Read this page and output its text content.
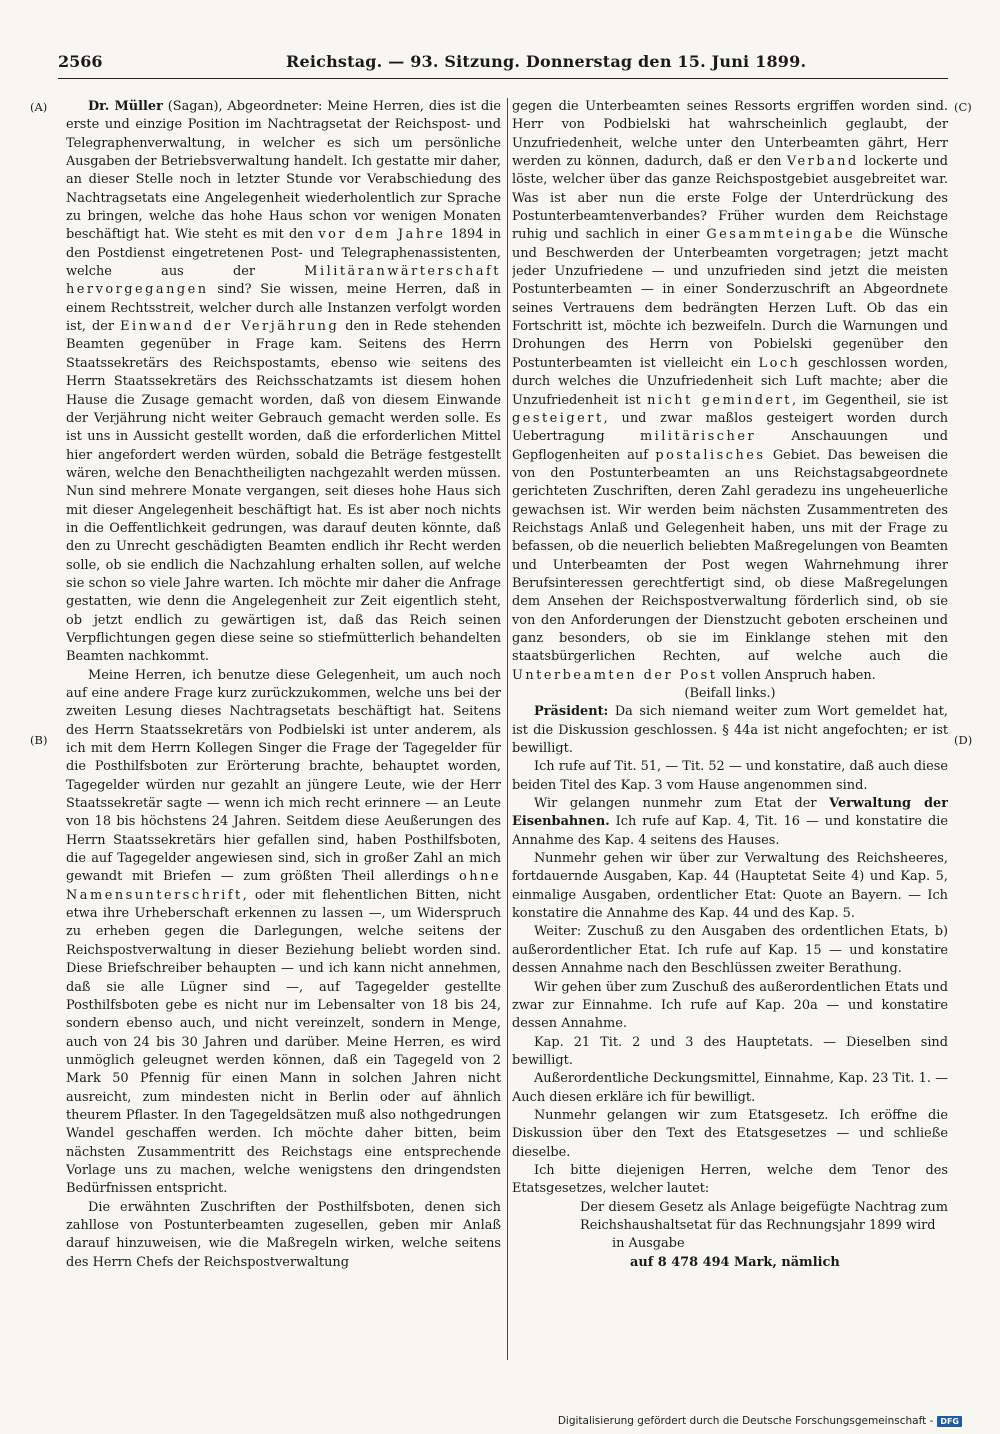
2566	Reichstag. — 93. Sitzung. Donnerstag den 15. Juni 1899.
(A)
(B)
(C)
(D)

Dr. Müller (Sagan), Abgeordneter: Meine Herren, dies ist die erste und einzige Position im Nachtragsetat der Reichspost- und Telegraphenverwaltung, in welcher es sich um persönliche Ausgaben der Betriebsverwaltung handelt. Ich gestatte mir daher, an dieser Stelle noch in letzter Stunde vor Verabschiedung des Nachtragsetats eine Angelegenheit wiederholentlich zur Sprache zu bringen, welche das hohe Haus schon vor wenigen Monaten beschäftigt hat. Wie steht es mit den vor dem Jahre 1894 in den Postdienst eingetretenen Post- und Telegraphenassistenten, welche aus der Militäranwärterschaft hervorgegangen sind? Sie wissen, meine Herren, daß in einem Rechtsstreit, welcher durch alle Instanzen verfolgt worden ist, der Einwand der Verjährung den in Rede stehenden Beamten gegenüber in Frage kam. Seitens des Herrn Staatssekretärs des Reichspostamts, ebenso wie seitens des Herrn Staatssekretärs des Reichsschatzamts ist diesem hohen Hause die Zusage gemacht worden, daß von diesem Einwande der Verjährung nicht weiter Gebrauch gemacht werden solle. Es ist uns in Aussicht gestellt worden, daß die erforderlichen Mittel hier angefordert werden würden, sobald die Beträge festgestellt wären, welche den Benachtheiligten nachgezahlt werden müssen. Nun sind mehrere Monate vergangen, seit dieses hohe Haus sich mit dieser Angelegenheit beschäftigt hat. Es ist aber noch nichts in die Oeffentlichkeit gedrungen, was darauf deuten könnte, daß den zu Unrecht geschädigten Beamten endlich ihr Recht werden solle, ob sie endlich die Nachzahlung erhalten sollen, auf welche sie schon so viele Jahre warten. Ich möchte mir daher die Anfrage gestatten, wie denn die Angelegenheit zur Zeit eigentlich steht, ob jetzt endlich zu gewärtigen ist, daß das Reich seinen Verpflichtungen gegen diese seine so stiefmütterlich behandelten Beamten nachkommt.

Meine Herren, ich benutze diese Gelegenheit, um auch noch auf eine andere Frage kurz zurückzukommen, welche uns bei der zweiten Lesung dieses Nachtragsetats beschäftigt hat. Seitens des Herrn Staatssekretärs von Podbielski ist unter anderem, als ich mit dem Herrn Kollegen Singer die Frage der Tagegelder für die Posthilfsboten zur Erörterung brachte, behauptet worden, Tagegelder würden nur gezahlt an jüngere Leute, wie der Herr Staatssekretär sagte — wenn ich mich recht erinnere — an Leute von 18 bis höchstens 24 Jahren. Seitdem diese Aeußerungen des Herrn Staatssekretärs hier gefallen sind, haben Posthilfsboten, die auf Tagegelder angewiesen sind, sich in großer Zahl an mich gewandt mit Briefen — zum größten Theil allerdings ohne Namensunterschrift, oder mit flehentlichen Bitten, nicht etwa ihre Urheberschaft erkennen zu lassen —, um Widerspruch zu erheben gegen die Darlegungen, welche seitens der Reichspostverwaltung in dieser Beziehung beliebt worden sind. Diese Briefschreiber behaupten — und ich kann nicht annehmen, daß sie alle Lügner sind —, auf Tagegelder gestellte Posthilfsboten gebe es nicht nur im Lebensalter von 18 bis 24, sondern ebenso auch, und nicht vereinzelt, sondern in Menge, auch von 24 bis 30 Jahren und darüber. Meine Herren, es wird unmöglich geleugnet werden können, daß ein Tagegeld von 2 Mark 50 Pfennig für einen Mann in solchen Jahren nicht ausreicht, zum mindesten nicht in Berlin oder auf ähnlich theurem Pflaster. In den Tagegeldsätzen muß also nothgedrungen Wandel geschaffen werden. Ich möchte daher bitten, beim nächsten Zusammentritt des Reichstags eine entsprechende Vorlage uns zu machen, welche wenigstens den dringendsten Bedürfnissen entspricht.

Die erwähnten Zuschriften der Posthilfsboten, denen sich zahllose von Postunterbeamten zugesellen, geben mir Anlaß darauf hinzuweisen, wie die Maßregeln wirken, welche seitens des Herrn Chefs der Reichspostverwaltung

gegen die Unterbeamten seines Ressorts ergriffen worden sind. Herr von Podbielski hat wahrscheinlich geglaubt, der Unzufriedenheit, welche unter den Unterbeamten gährt, Herr werden zu können, dadurch, daß er den Verband lockerte und löste, welcher über das ganze Reichspostgebiet ausgebreitet war. Was ist aber nun die erste Folge der Unterdrückung des Postunterbeamtenverbandes? Früher wurden dem Reichstage ruhig und sachlich in einer Gesammteingabe die Wünsche und Beschwerden der Unterbeamten vorgetragen; jetzt macht jeder Unzufriedene — und unzufrieden sind jetzt die meisten Postunterbeamten — in einer Sonderzuschrift an Abgeordnete seines Vertrauens dem bedrängten Herzen Luft. Ob das ein Fortschritt ist, möchte ich bezweifeln. Durch die Warnungen und Drohungen des Herrn von Pobielski gegenüber den Postunterbeamten ist vielleicht ein Loch geschlossen worden, durch welches die Unzufriedenheit sich Luft machte; aber die Unzufriedenheit ist nicht gemindert, im Gegentheil, sie ist gesteigert, und zwar maßlos gesteigert worden durch Uebertragung militärischer Anschauungen und Gepflogenheiten auf postalisches Gebiet. Das beweisen die von den Postunterbeamten an uns Reichstagsabgeordnete gerichteten Zuschriften, deren Zahl geradezu ins ungeheuerliche gewachsen ist. Wir werden beim nächsten Zusammentreten des Reichstags Anlaß und Gelegenheit haben, uns mit der Frage zu befassen, ob die neuerlich beliebten Maßregelungen von Beamten und Unterbeamten der Post wegen Wahrnehmung ihrer Berufsinteressen gerechtfertigt sind, ob diese Maßregelungen dem Ansehen der Reichspostverwaltung förderlich sind, ob sie von den Anforderungen der Dienstzucht geboten erscheinen und ganz besonders, ob sie im Einklange stehen mit den staatsbürgerlichen Rechten, auf welche auch die Unterbeamten der Post vollen Anspruch haben.

(Beifall links.)

Präsident: Da sich niemand weiter zum Wort gemeldet hat, ist die Diskussion geschlossen. § 44a ist nicht angefochten; er ist bewilligt.

Ich rufe auf Tit. 51, — Tit. 52 — und konstatire, daß auch diese beiden Titel des Kap. 3 vom Hause angenommen sind.

Wir gelangen nunmehr zum Etat der Verwaltung der Eisenbahnen. Ich rufe auf Kap. 4, Tit. 16 — und konstatire die Annahme des Kap. 4 seitens des Hauses.

Nunmehr gehen wir über zur Verwaltung des Reichsheeres, fortdauernde Ausgaben, Kap. 44 (Hauptetat Seite 4) und Kap. 5, einmalige Ausgaben, ordentlicher Etat: Quote an Bayern. — Ich konstatire die Annahme des Kap. 44 und des Kap. 5.

Weiter: Zuschuß zu den Ausgaben des ordentlichen Etats, b) außerordentlicher Etat. Ich rufe auf Kap. 15 — und konstatire dessen Annahme nach den Beschlüssen zweiter Berathung.

Wir gehen über zum Zuschuß des außerordentlichen Etats und zwar zur Einnahme. Ich rufe auf Kap. 20a — und konstatire dessen Annahme.

Kap. 21 Tit. 2 und 3 des Hauptetats. — Dieselben sind bewilligt.

Außerordentliche Deckungsmittel, Einnahme, Kap. 23 Tit. 1. — Auch diesen erkläre ich für bewilligt.

Nunmehr gelangen wir zum Etatsgesetz. Ich eröffne die Diskussion über den Text des Etatsgesetzes — und schließe dieselbe.

Ich bitte diejenigen Herren, welche dem Tenor des Etatsgesetzes, welcher lautet:

Der diesem Gesetz als Anlage beigefügte Nachtrag zum Reichshaushaltsetat für das Rechnungsjahr 1899 wird

in Ausgabe

auf 8 478 494 Mark, nämlich

Digitalisierung gefördert durch die Deutsche Forschungsgemeinschaft - DFG
